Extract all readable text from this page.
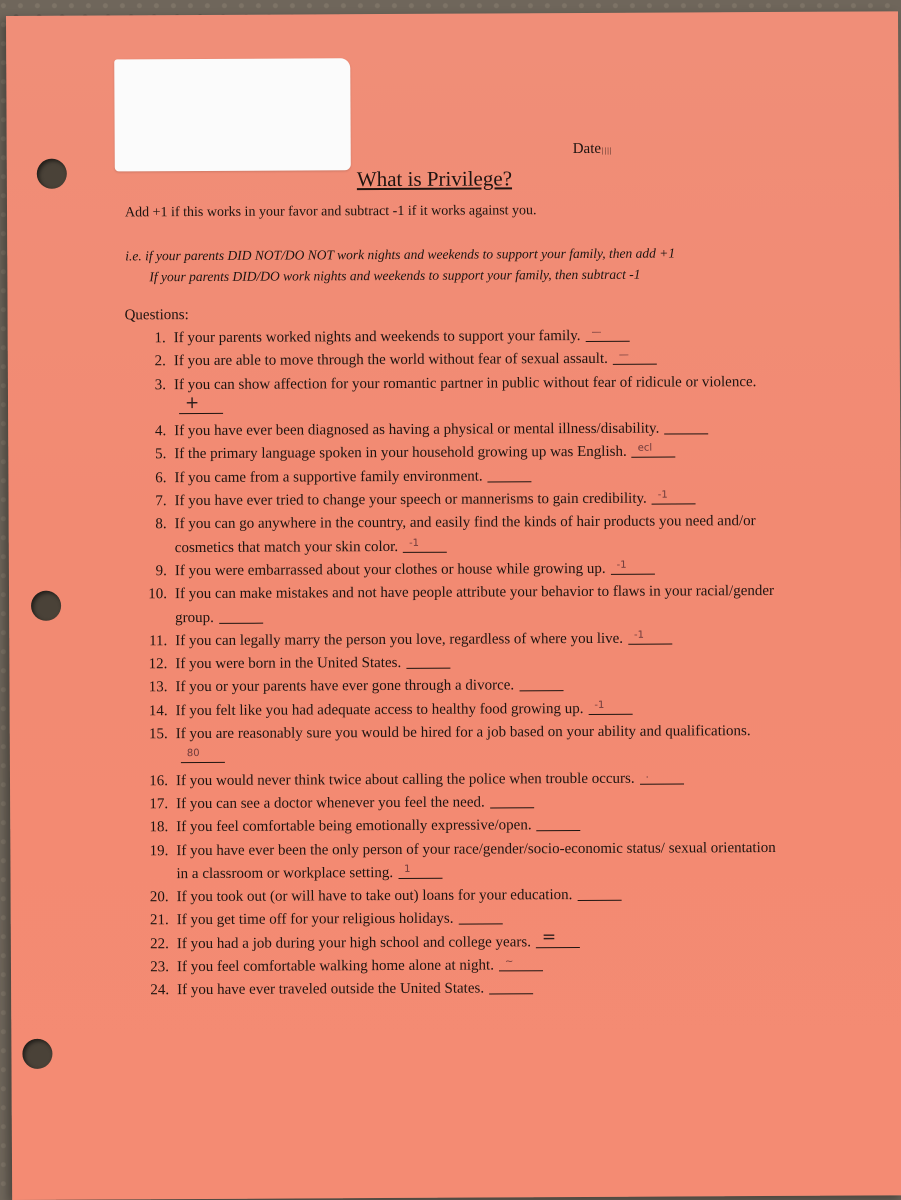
Date||||
What is Privilege?
Add +1 if this works in your favor and subtract -1 if it works against you.
i.e. if your parents DID NOT/DO NOT work nights and weekends to support your family, then add +1
If your parents DID/DO work nights and weekends to support your family, then subtract -1
Questions:
1. If your parents worked nights and weekends to support your family. —
2. If you are able to move through the world without fear of sexual assault. —
3. If you can show affection for your romantic partner in public without fear of ridicule or violence.
+
4. If you have ever been diagnosed as having a physical or mental illness/disability.
5. If the primary language spoken in your household growing up was English. ecl
6. If you came from a supportive family environment.
7. If you have ever tried to change your speech or mannerisms to gain credibility. -1
8. If you can go anywhere in the country, and easily find the kinds of hair products you need and/or cosmetics that match your skin color. -1
9. If you were embarrassed about your clothes or house while growing up. -1
10. If you can make mistakes and not have people attribute your behavior to flaws in your racial/gender group.
11. If you can legally marry the person you love, regardless of where you live. -1
12. If you were born in the United States.
13. If you or your parents have ever gone through a divorce.
14. If you felt like you had adequate access to healthy food growing up. -1
15. If you are reasonably sure you would be hired for a job based on your ability and qualifications.
80
16. If you would never think twice about calling the police when trouble occurs. .
17. If you can see a doctor whenever you feel the need.
18. If you feel comfortable being emotionally expressive/open.
19. If you have ever been the only person of your race/gender/socio-economic status/ sexual orientation in a classroom or workplace setting. 1
20. If you took out (or will have to take out) loans for your education.
21. If you get time off for your religious holidays.
22. If you had a job during your high school and college years. =
23. If you feel comfortable walking home alone at night. ~
24. If you have ever traveled outside the United States.
